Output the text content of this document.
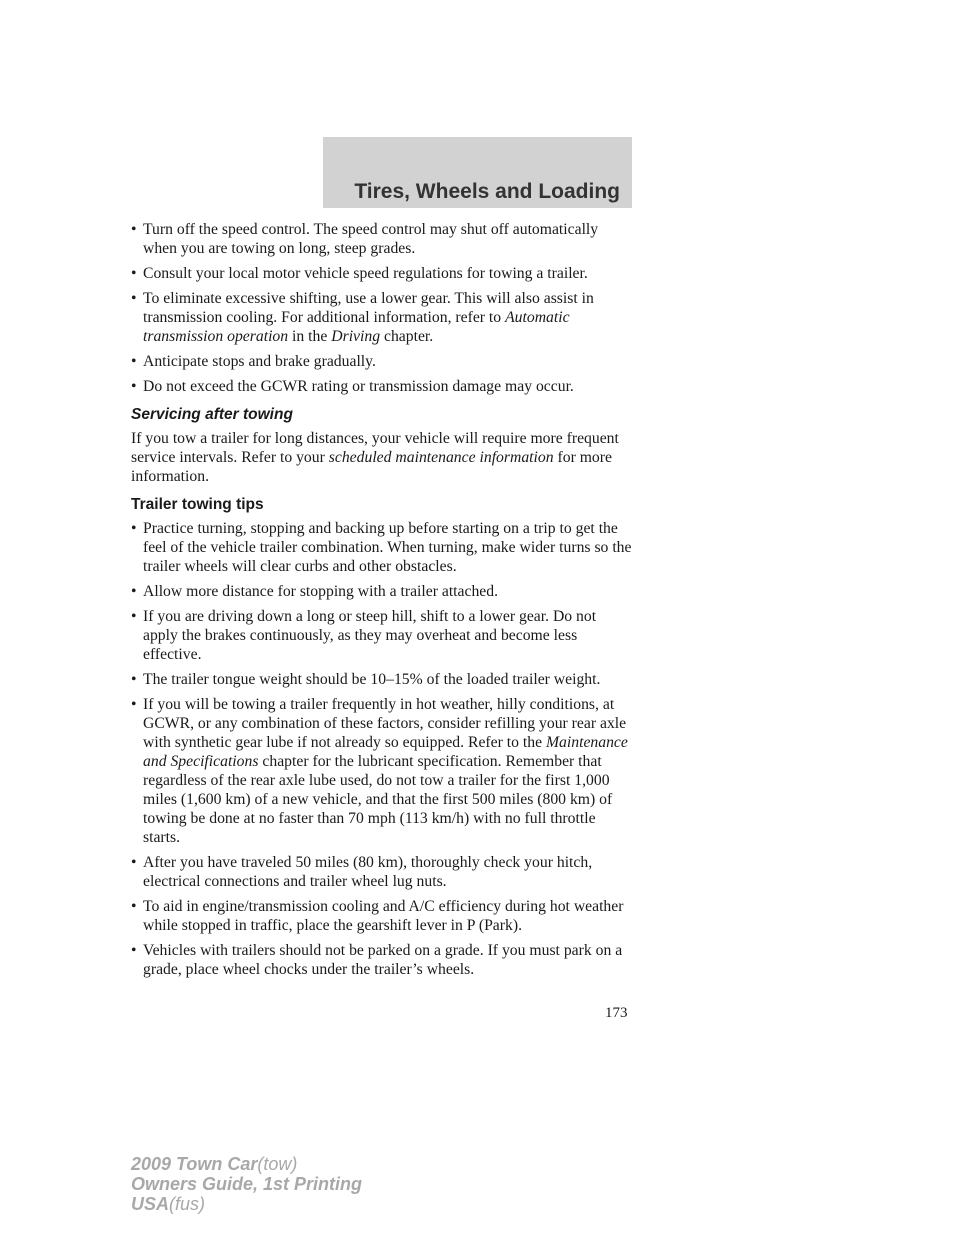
Tires, Wheels and Loading
• Turn off the speed control. The speed control may shut off automatically when you are towing on long, steep grades.
• Consult your local motor vehicle speed regulations for towing a trailer.
• To eliminate excessive shifting, use a lower gear. This will also assist in transmission cooling. For additional information, refer to Automatic transmission operation in the Driving chapter.
• Anticipate stops and brake gradually.
• Do not exceed the GCWR rating or transmission damage may occur.
Servicing after towing

If you tow a trailer for long distances, your vehicle will require more frequent service intervals. Refer to your scheduled maintenance information for more information.

Trailer towing tips
• Practice turning, stopping and backing up before starting on a trip to get the feel of the vehicle trailer combination. When turning, make wider turns so the trailer wheels will clear curbs and other obstacles.
• Allow more distance for stopping with a trailer attached.
• If you are driving down a long or steep hill, shift to a lower gear. Do not apply the brakes continuously, as they may overheat and become less effective.
• The trailer tongue weight should be 10–15% of the loaded trailer weight.
• If you will be towing a trailer frequently in hot weather, hilly conditions, at GCWR, or any combination of these factors, consider refilling your rear axle with synthetic gear lube if not already so equipped. Refer to the Maintenance and Specifications chapter for the lubricant specification. Remember that regardless of the rear axle lube used, do not tow a trailer for the first 1,000 miles (1,600 km) of a new vehicle, and that the first 500 miles (800 km) of towing be done at no faster than 70 mph (113 km/h) with no full throttle starts.
• After you have traveled 50 miles (80 km), thoroughly check your hitch, electrical connections and trailer wheel lug nuts.
• To aid in engine/transmission cooling and A/C efficiency during hot weather while stopped in traffic, place the gearshift lever in P (Park).
• Vehicles with trailers should not be parked on a grade. If you must park on a grade, place wheel chocks under the trailer’s wheels.
173
2009 Town Car(tow)
Owners Guide, 1st Printing
USA(fus)
